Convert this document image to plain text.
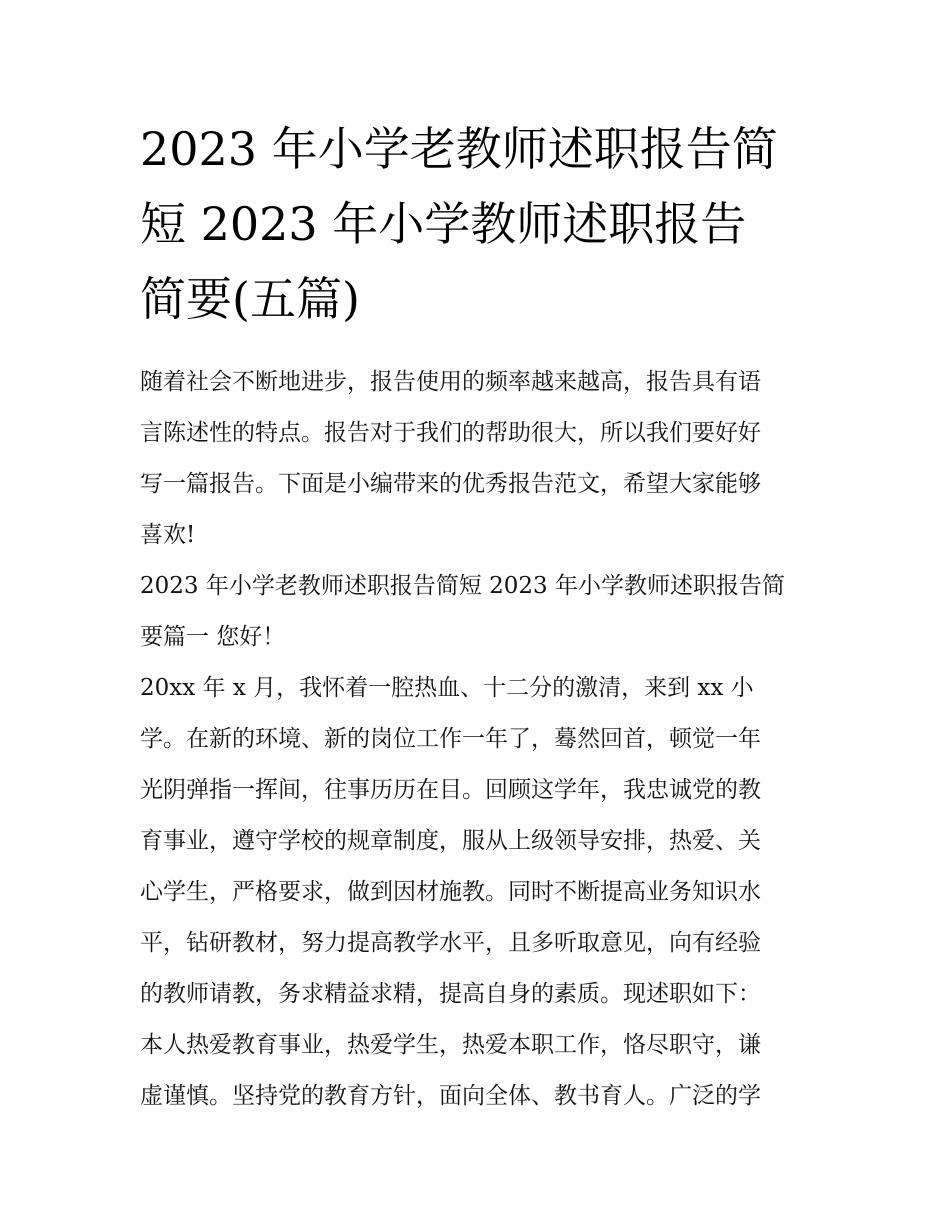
2023 年小学老教师述职报告简
短 2023 年小学教师述职报告
简要(五篇)

随着社会不断地进步，报告使用的频率越来越高，报告具有语
言陈述性的特点。报告对于我们的帮助很大，所以我们要好好
写一篇报告。下面是小编带来的优秀报告范文，希望大家能够
喜欢!

2023 年小学老教师述职报告简短 2023 年小学教师述职报告简
要篇一 您好！

20xx 年 x 月，我怀着一腔热血、十二分的激清，来到 xx 小
学。在新的环境、新的岗位工作一年了，蓦然回首，顿觉一年
光阴弹指一挥间，往事历历在目。回顾这学年，我忠诚党的教
育事业，遵守学校的规章制度，服从上级领导安排，热爱、关
心学生，严格要求，做到因材施教。同时不断提高业务知识水
平，钻研教材，努力提高教学水平，且多听取意见，向有经验
的教师请教，务求精益求精，提高自身的素质。现述职如下：
本人热爱教育事业，热爱学生，热爱本职工作，恪尽职守，谦
虚谨慎。坚持党的教育方针，面向全体、教书育人。广泛的学
